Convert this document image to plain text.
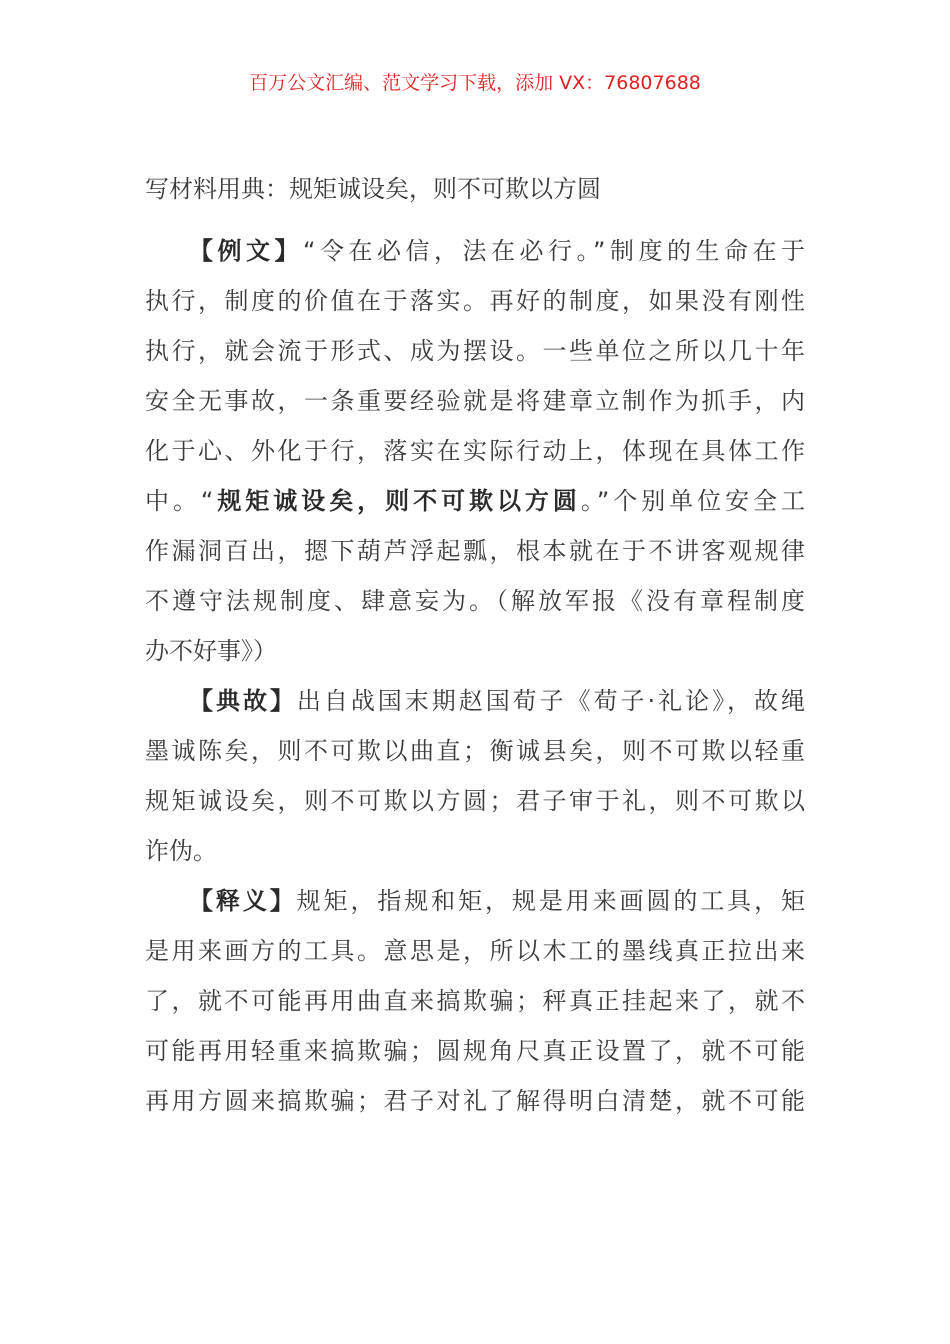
百万公文汇编、范文学习下载，添加 VX：76807688
写材料用典：规矩诚设矣，则不可欺以方圆
【例文】“令在必信，法在必行。”制度的生命在于
执行，制度的价值在于落实。再好的制度，如果没有刚性
执行，就会流于形式、成为摆设。一些单位之所以几十年
安全无事故，一条重要经验就是将建章立制作为抓手，内
化于心、外化于行，落实在实际行动上，体现在具体工作
中。“规矩诚设矣，则不可欺以方圆。”个别单位安全工
作漏洞百出，摁下葫芦浮起瓢，根本就在于不讲客观规律
不遵守法规制度、肆意妄为。（解放军报《没有章程制度
办不好事》）
【典故】出自战国末期赵国荀子《荀子·礼论》，故绳
墨诚陈矣，则不可欺以曲直；衡诚县矣，则不可欺以轻重
规矩诚设矣，则不可欺以方圆；君子审于礼，则不可欺以
诈伪。
【释义】规矩，指规和矩，规是用来画圆的工具，矩
是用来画方的工具。意思是，所以木工的墨线真正拉出来
了，就不可能再用曲直来搞欺骗；秤真正挂起来了，就不
可能再用轻重来搞欺骗；圆规角尺真正设置了，就不可能
再用方圆来搞欺骗；君子对礼了解得明白清楚，就不可能
